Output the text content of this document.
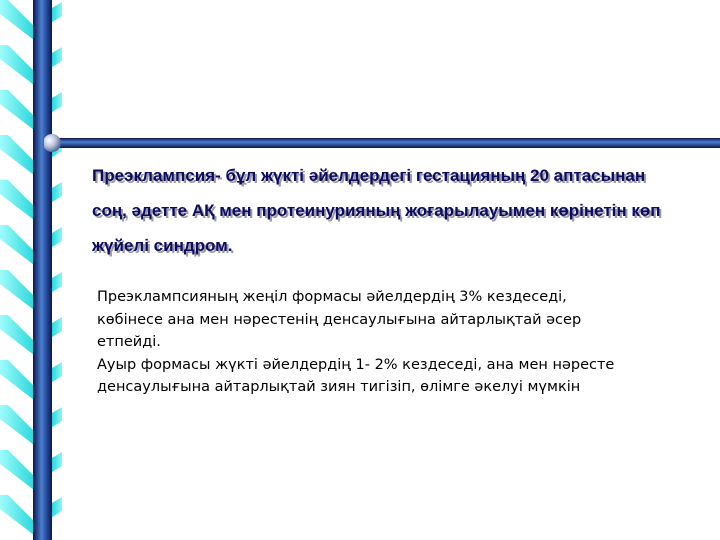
Преэклампсия- бұл жүкті әйелдердегі гестацияның 20 аптасынан
соң, әдетте АҚ мен протеинурияның жоғарылауымен көрінетін көп
жүйелі синдром.

Преэклампсияның жеңіл формасы әйелдердің 3% кездеседі,

көбінесе ана мен нәрестенің денсаулығына айтарлықтай әсер

етпейді.

Ауыр формасы жүкті әйелдердің 1- 2% кездеседі, ана мен нәресте

денсаулығына айтарлықтай зиян тигізіп, өлімге әкелуі мүмкін
